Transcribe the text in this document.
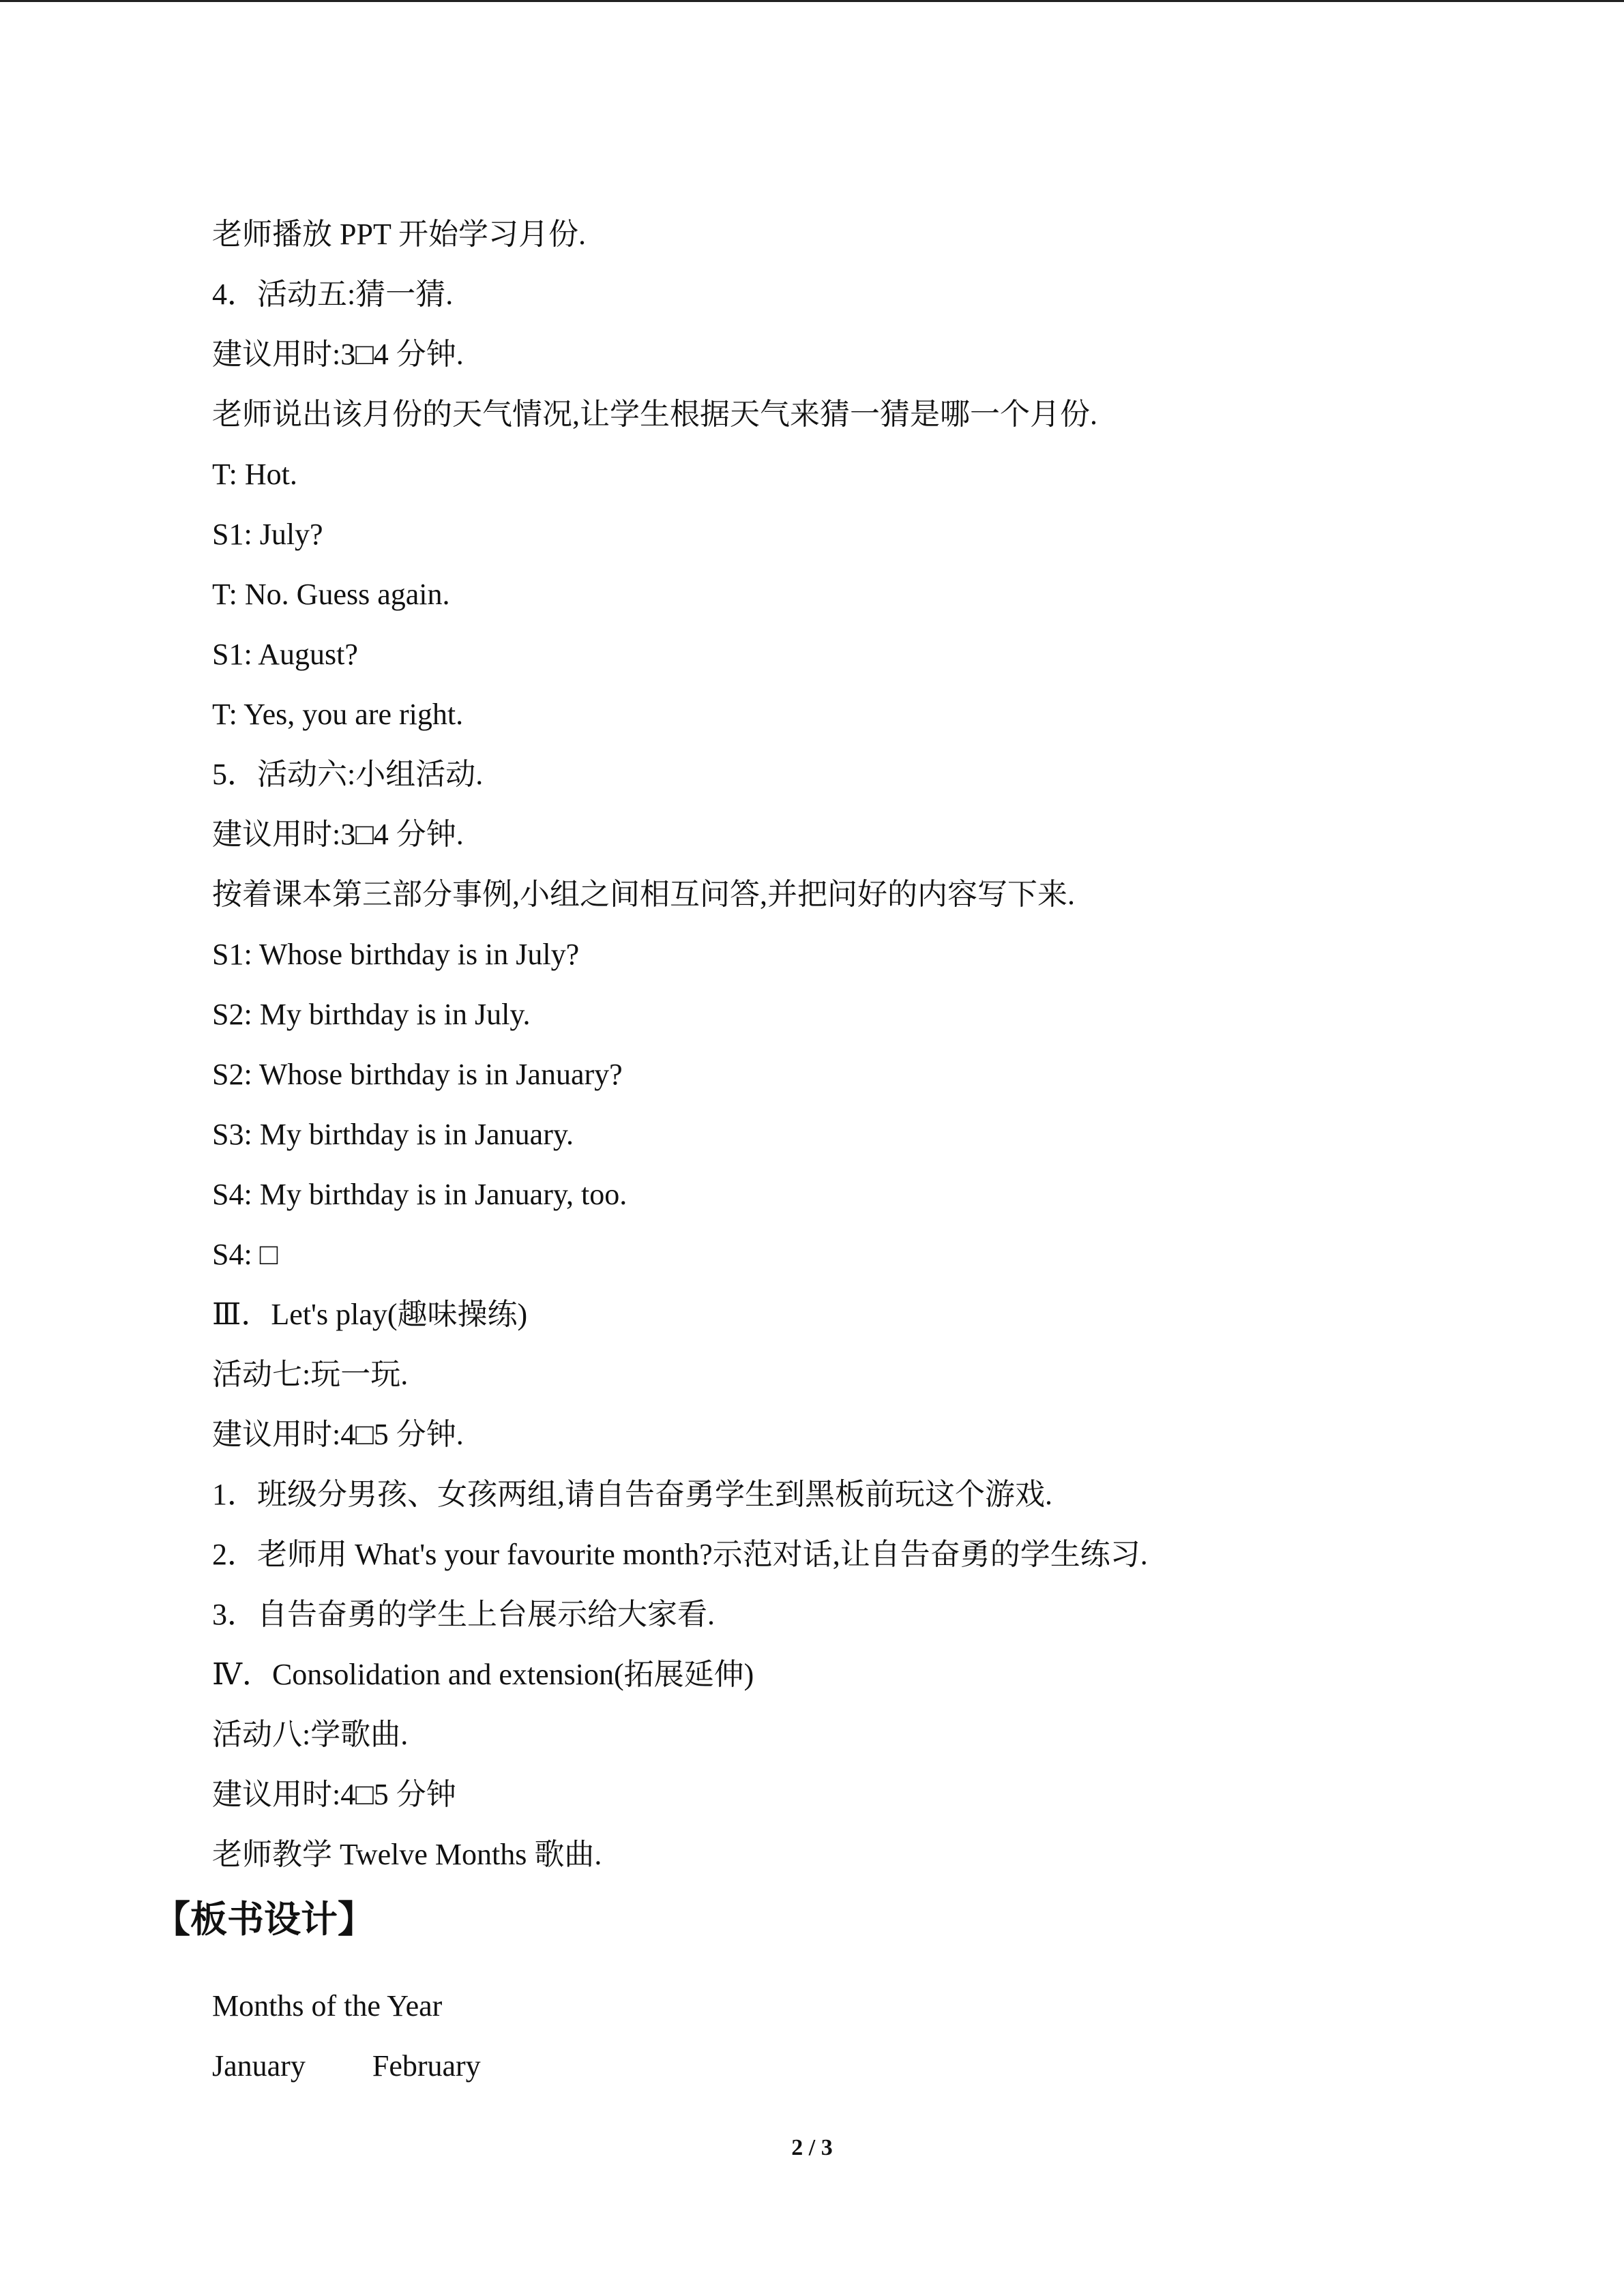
老师播放 PPT 开始学习月份.
4．活动五:猜一猜.
建议用时:3□4 分钟.
老师说出该月份的天气情况,让学生根据天气来猜一猜是哪一个月份.
T: Hot.
S1: July?
T: No. Guess again.
S1: August?
T: Yes, you are right.
5．活动六:小组活动.
建议用时:3□4 分钟.
按着课本第三部分事例,小组之间相互问答,并把问好的内容写下来.
S1: Whose birthday is in July?
S2: My birthday is in July.
S2: Whose birthday is in January?
S3: My birthday is in January.
S4: My birthday is in January, too.
S4: □
Ⅲ．Let's play(趣味操练)
活动七:玩一玩.
建议用时:4□5 分钟.
1．班级分男孩、女孩两组,请自告奋勇学生到黑板前玩这个游戏.
2．老师用 What's your favourite month?示范对话,让自告奋勇的学生练习.
3．自告奋勇的学生上台展示给大家看.
Ⅳ．Consolidation and extension(拓展延伸)
活动八:学歌曲.
建议用时:4□5 分钟
老师教学 Twelve Months 歌曲.
【板书设计】
Months of the Year
January February
2 / 3
